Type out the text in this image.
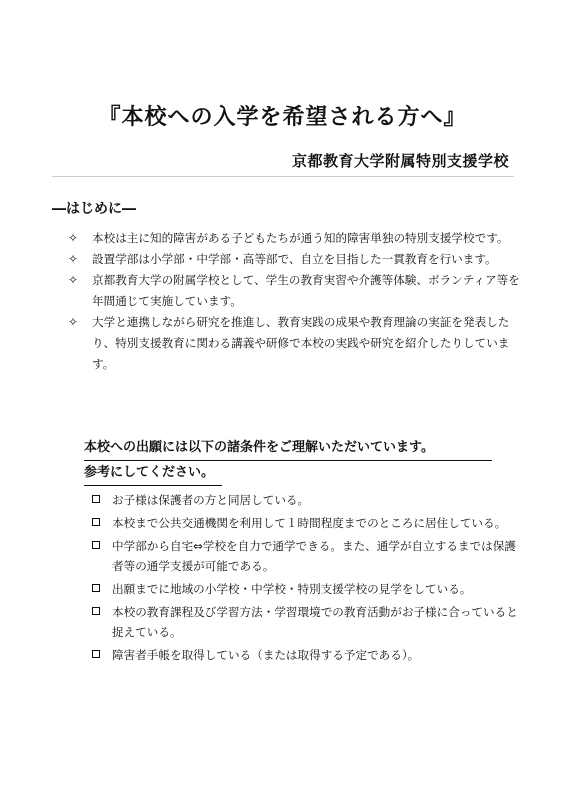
『本校への入学を希望される方へ』
京都教育大学附属特別支援学校
―はじめに―
✧ 本校は主に知的障害がある子どもたちが通う知的障害単独の特別支援学校です。
✧ 設置学部は小学部・中学部・高等部で、自立を目指した一貫教育を行います。
✧ 京都教育大学の附属学校として、学生の教育実習や介護等体験、ボランティア等を年間通じて実施しています。
✧ 大学と連携しながら研究を推進し、教育実践の成果や教育理論の実証を発表したり、特別支援教育に関わる講義や研修で本校の実践や研究を紹介したりしています。
本校への出願には以下の諸条件をご理解いただいています。
参考にしてください。
お子様は保護者の方と同居している。
本校まで公共交通機関を利用して１時間程度までのところに居住している。
中学部から自宅⇔学校を自力で通学できる。また、通学が自立するまでは保護者等の通学支援が可能である。
出願までに地域の小学校・中学校・特別支援学校の見学をしている。
本校の教育課程及び学習方法・学習環境での教育活動がお子様に合っていると捉えている。
障害者手帳を取得している（または取得する予定である）。
